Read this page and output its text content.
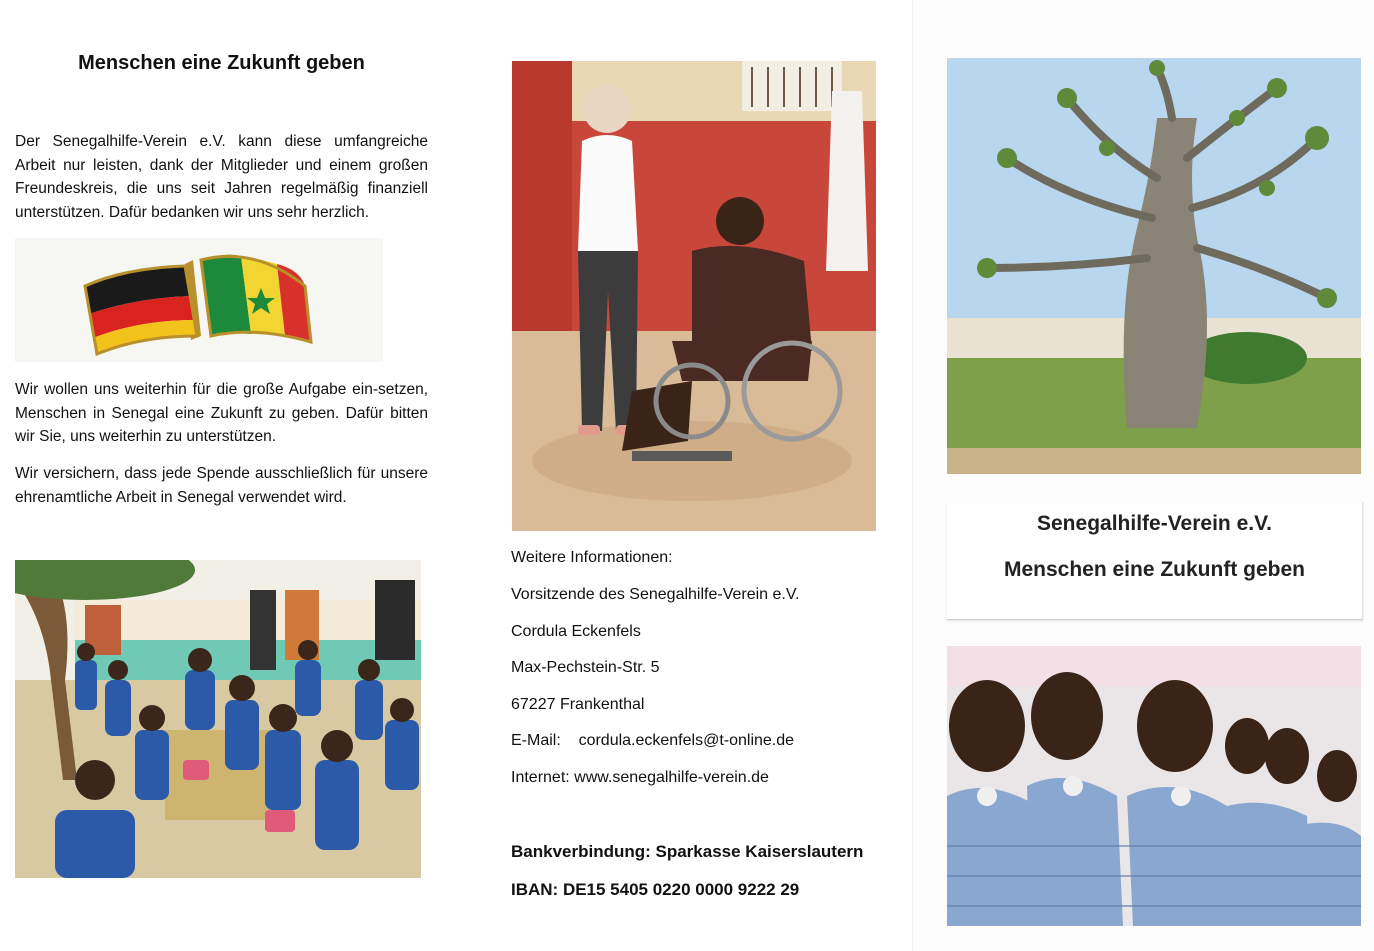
Menschen eine Zukunft geben
Der Senegalhilfe-Verein e.V. kann diese umfangreiche Arbeit nur leisten, dank der Mitglieder und einem großen Freundeskreis, die uns seit Jahren regelmäßig finanziell unterstützen. Dafür bedanken wir uns sehr herzlich.
Wir wollen uns weiterhin für die große Aufgabe ein-setzen, Menschen in Senegal eine Zukunft zu geben. Dafür bitten wir Sie, uns weiterhin zu unterstützen.
Wir versichern, dass jede Spende ausschließlich für unsere ehrenamtliche Arbeit in Senegal verwendet wird.
Weitere Informationen:
Vorsitzende des Senegalhilfe-Verein e.V.
Cordula Eckenfels
Max-Pechstein-Str. 5
67227 Frankenthal
E-Mail: cordula.eckenfels@t-online.de
Internet: www.senegalhilfe-verein.de
Bankverbindung: Sparkasse Kaiserslautern
IBAN: DE15 5405 0220 0000 9222 29
Senegalhilfe-Verein e.V.
Menschen eine Zukunft geben
